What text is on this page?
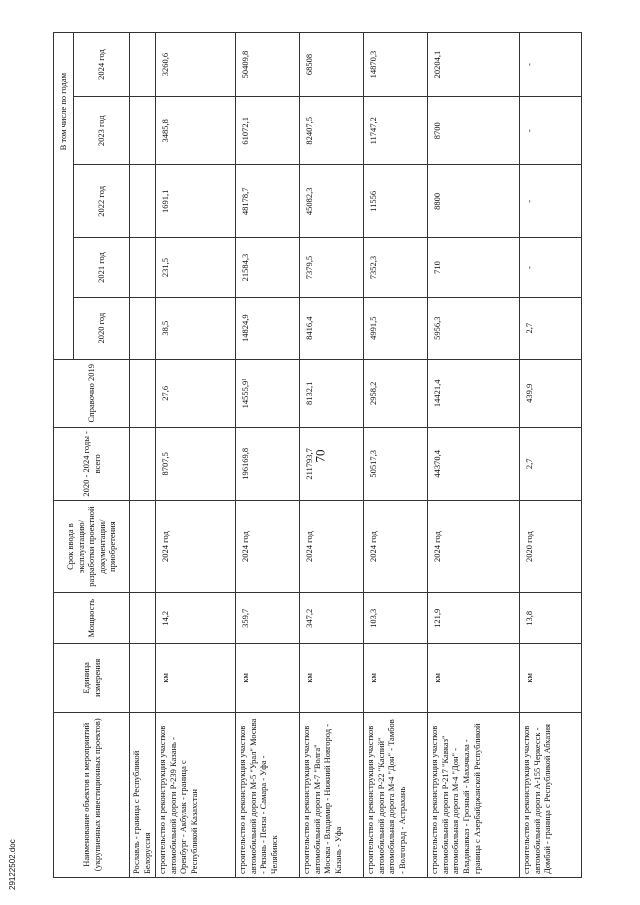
70
29122502.doc	Наименование объектов и мероприятий (укрупненных инвестиционных проектов)	Единица измерения	Мощность	Срок ввода в эксплуатацию/ разработки проектной документации/ приобретения	2020 - 2024 годы - всего	Справочно 2019	В том числе по годам				
						2020 год	2021 год	2022 год	2023 год	2024 год
Рославль - граница с Республикой Белоруссия										
строительство и реконструкция участков автомобильной дороги Р-239 Казань - Оренбург - Акбулак - граница с Республикой Казахстан	км	14,2	2024 год	8707,5	27,6	38,5	231,5	1691,1	3485,8	3260,6
строительство и реконструкция участков автомобильной дороги М-5 "Урал" Москва - Рязань - Пенза - Самара - Уфа - Челябинск	км	359,7	2024 год	196169,8	14555,9¹	14824,9	21584,3	48178,7	61072,1	50409,8
строительство и реконструкция участков автомобильной дороги М-7 "Волга" Москва - Владимир - Нижний Новгород - Казань - Уфа	км	347,2	2024 год	211793,7	8132,1	8416,4	7379,5	45082,3	82407,5	68508
строительство и реконструкция участков автомобильной дороги Р-22 "Каспий" автомобильная дорога М-4 "Дон" - Тамбов - Волгоград - Астрахань	км	103,3	2024 год	50517,3	2958,2	4991,5	7352,3	11556	11747,2	14870,3
строительство и реконструкция участков автомобильной дороги Р-217 "Кавказ" автомобильная дорога М-4 "Дон" - Владикавказ - Грозный - Махачкала - граница с Азербайджанской Республикой	км	121,9	2024 год	44370,4	14421,4	5956,3	710	8800	8700	20204,1
строительство и реконструкция участков автомобильной дороги А-155 Черкесск - Домбай - граница с Республикой Абхазия	км	13,8	2020 год	2,7	439,9	2,7	-	-	-	-
